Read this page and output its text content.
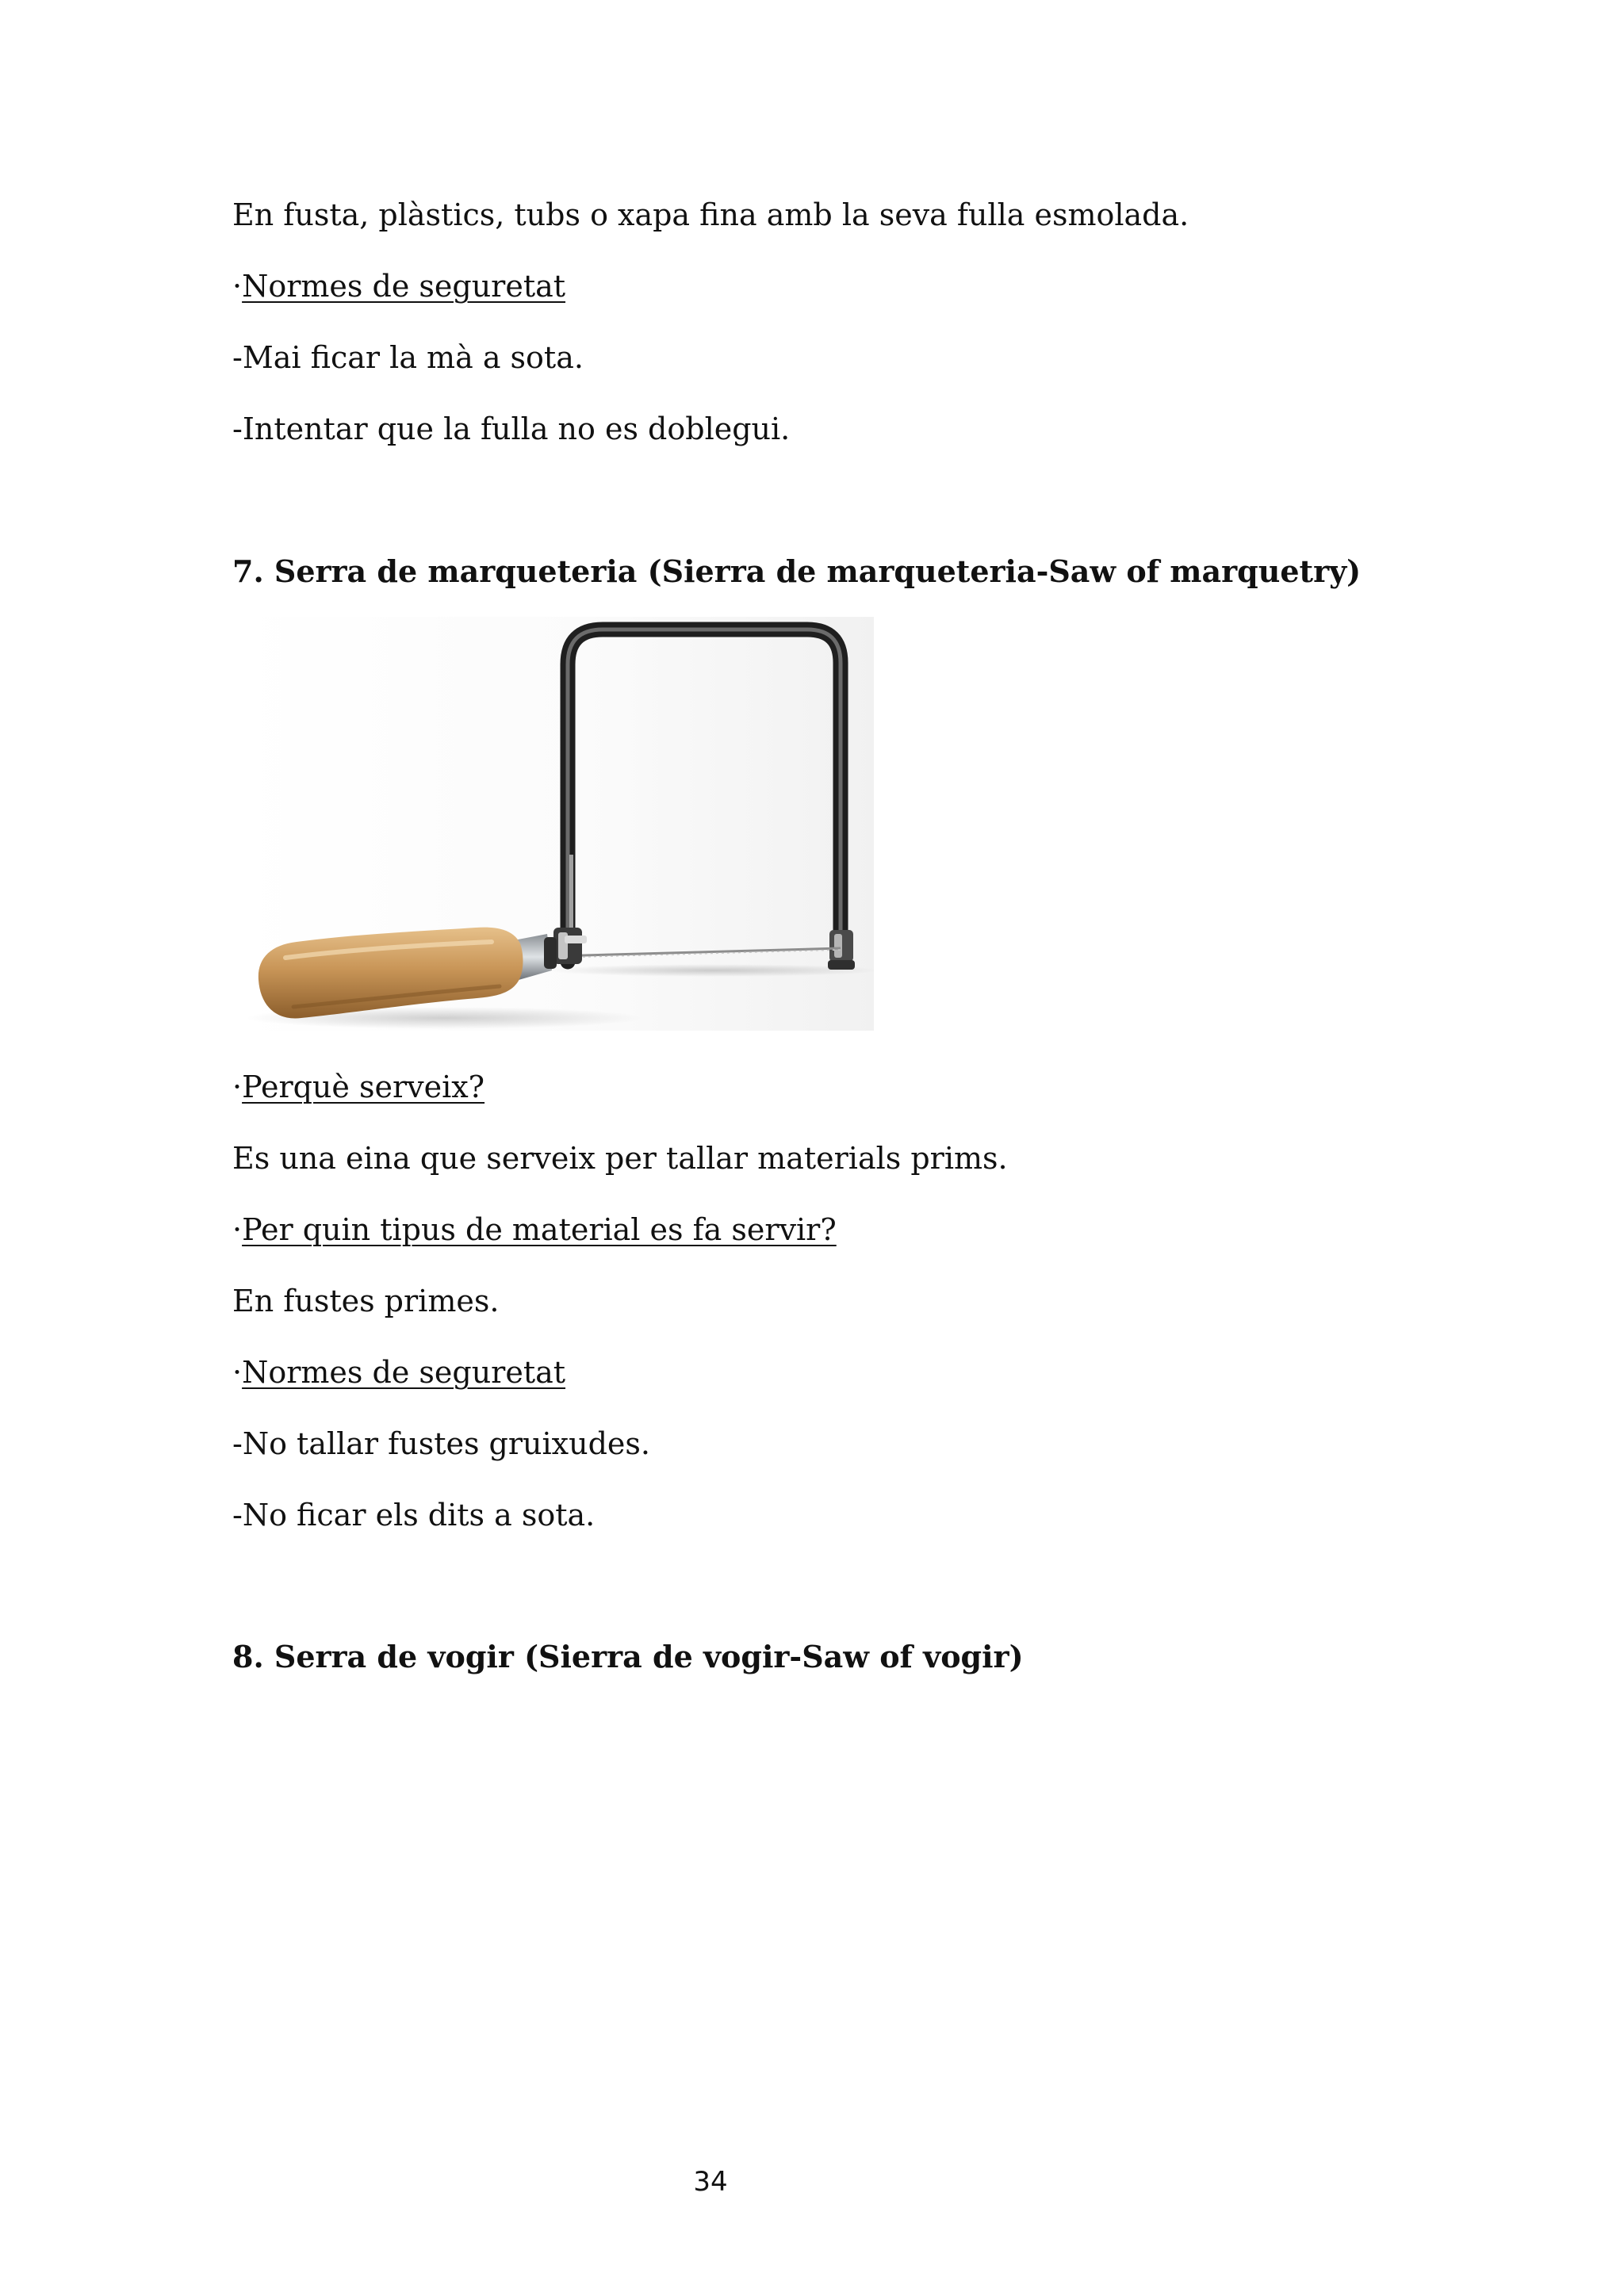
En fusta, plàstics, tubs o xapa fina amb la seva fulla esmolada.
·Normes de seguretat
-Mai ficar la mà a sota.
-Intentar que la fulla no es doblegui.
7. Serra de marqueteria (Sierra de marqueteria-Saw of marquetry)
·Perquè serveix?
Es una eina que serveix per tallar materials prims.
·Per quin tipus de material es fa servir?
En fustes primes.
·Normes de seguretat
-No tallar fustes gruixudes.
-No ficar els dits a sota.
8. Serra de vogir (Sierra de vogir-Saw of vogir)
34
